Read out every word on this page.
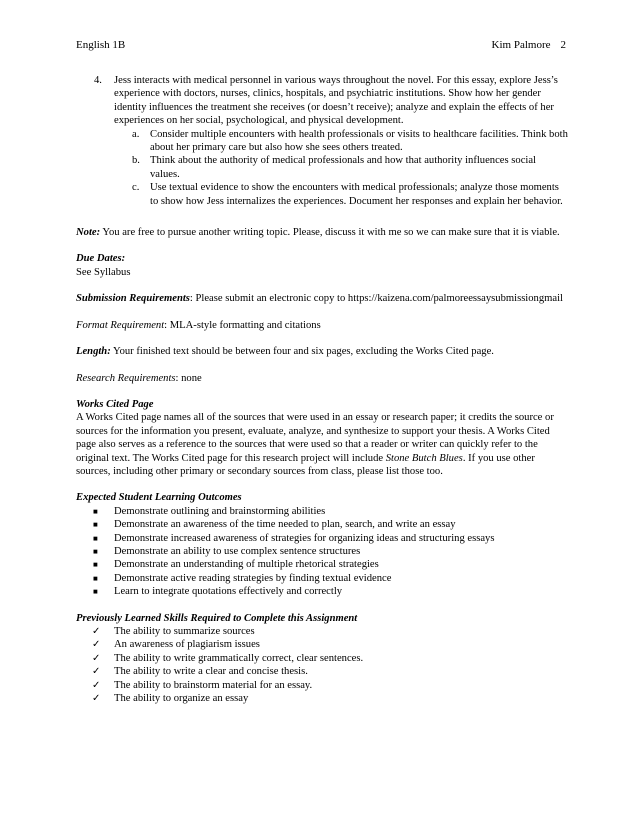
English 1B	Kim Palmore 2
4. Jess interacts with medical personnel in various ways throughout the novel. For this essay, explore Jess’s experience with doctors, nurses, clinics, hospitals, and psychiatric institutions. Show how her gender identity influences the treatment she receives (or doesn’t receive); analyze and explain the effects of her experiences on her social, psychological, and physical development.
a. Consider multiple encounters with health professionals or visits to healthcare facilities. Think both about her primary care but also how she sees others treated.
b. Think about the authority of medical professionals and how that authority influences social values.
c. Use textual evidence to show the encounters with medical professionals; analyze those moments to show how Jess internalizes the experiences. Document her responses and explain her behavior.
Note: You are free to pursue another writing topic. Please, discuss it with me so we can make sure that it is viable.
Due Dates:
See Syllabus
Submission Requirements: Please submit an electronic copy to https://kaizena.com/palmoreessaysubmissiongmail
Format Requirement: MLA-style formatting and citations
Length: Your finished text should be between four and six pages, excluding the Works Cited page.
Research Requirements: none
Works Cited Page
A Works Cited page names all of the sources that were used in an essay or research paper; it credits the source or sources for the information you present, evaluate, analyze, and synthesize to support your thesis. A Works Cited page also serves as a reference to the sources that were used so that a reader or writer can quickly refer to the original text. The Works Cited page for this research project will include Stone Butch Blues. If you use other sources, including other primary or secondary sources from class, please list those too.
Expected Student Learning Outcomes
■ Demonstrate outlining and brainstorming abilities
■ Demonstrate an awareness of the time needed to plan, search, and write an essay
■ Demonstrate increased awareness of strategies for organizing ideas and structuring essays
■ Demonstrate an ability to use complex sentence structures
■ Demonstrate an understanding of multiple rhetorical strategies
■ Demonstrate active reading strategies by finding textual evidence
■ Learn to integrate quotations effectively and correctly
Previously Learned Skills Required to Complete this Assignment
✓ The ability to summarize sources
✓ An awareness of plagiarism issues
✓ The ability to write grammatically correct, clear sentences.
✓ The ability to write a clear and concise thesis.
✓ The ability to brainstorm material for an essay.
✓ The ability to organize an essay
